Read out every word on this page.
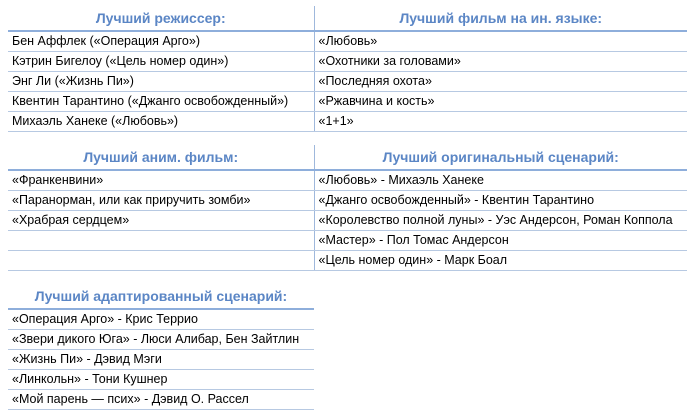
Лучший режиссер:	Лучший фильм на ин. языке:
Бен Аффлек («Операция Арго»)	«Любовь»
Кэтрин Бигелоу («Цель номер один»)	«Охотники за головами»
Энг Ли («Жизнь Пи»)	«Последняя охота»
Квентин Тарантино («Джанго освобожденный»)	«Ржавчина и кость»
Михаэль Ханеке («Любовь»)	«1+1»
Лучший аним. фильм:	Лучший оригинальный сценарий:
«Франкенвини»	«Любовь» - Михаэль Ханеке
«Паранорман, или как приручить зомби»	«Джанго освобожденный» - Квентин Тарантино
«Храбрая сердцем»	«Королевство полной луны» - Уэс Андерсон, Роман Коппола
	«Мастер» - Пол Томас Андерсон
	«Цель номер один» - Марк Боал
Лучший адаптированный сценарий:
«Операция Арго» - Крис Террио
«Звери дикого Юга» - Люси Алибар, Бен Зайтлин
«Жизнь Пи» - Дэвид Мэги
«Линкольн» - Тони Кушнер
«Мой парень — псих» - Дэвид О. Рассел
